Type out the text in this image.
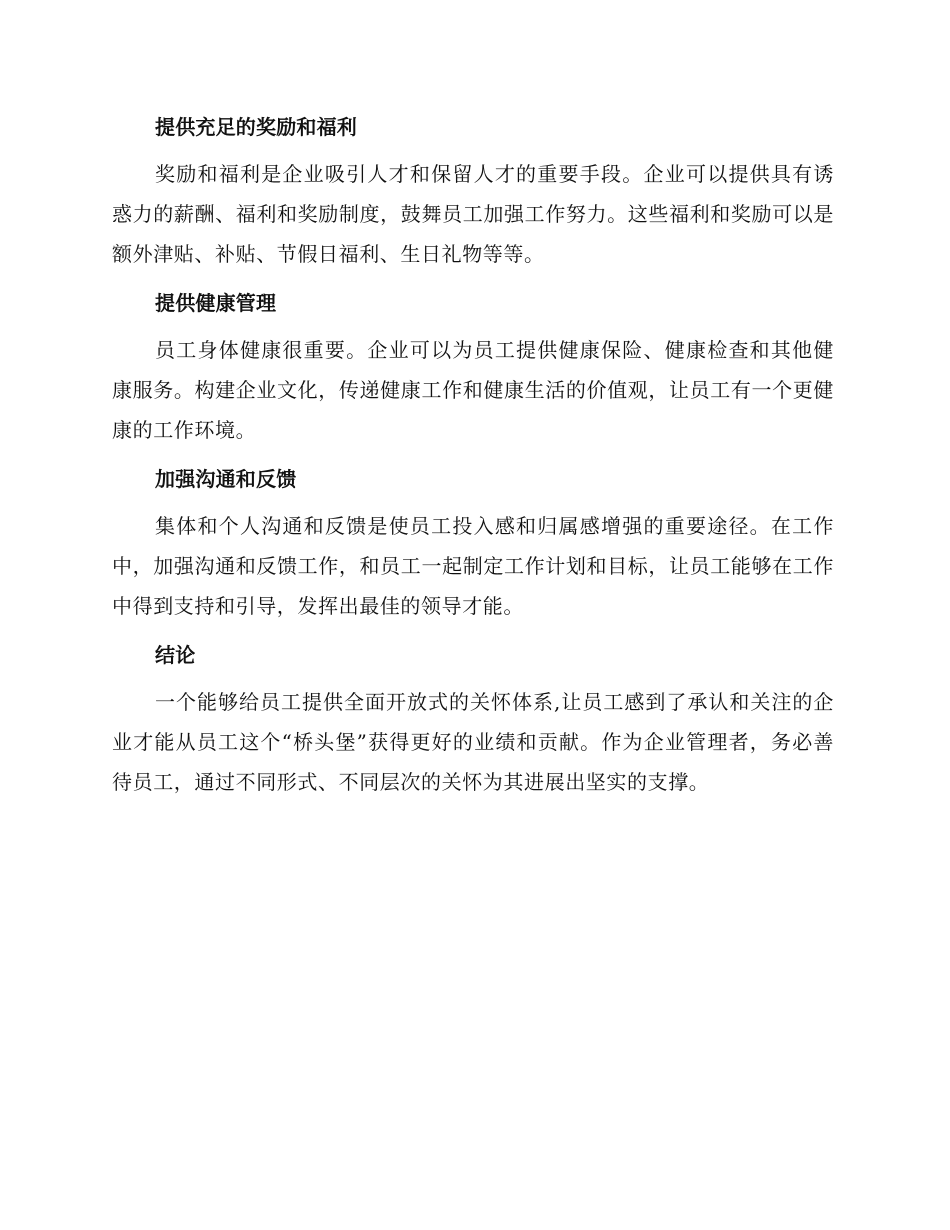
提供充足的奖励和福利

奖励和福利是企业吸引人才和保留人才的重要手段。企业可以提供具有诱惑力的薪酬、福利和奖励制度，鼓舞员工加强工作努力。这些福利和奖励可以是额外津贴、补贴、节假日福利、生日礼物等等。

提供健康管理

员工身体健康很重要。企业可以为员工提供健康保险、健康检查和其他健康服务。构建企业文化，传递健康工作和健康生活的价值观，让员工有一个更健康的工作环境。

加强沟通和反馈

集体和个人沟通和反馈是使员工投入感和归属感增强的重要途径。在工作中，加强沟通和反馈工作，和员工一起制定工作计划和目标，让员工能够在工作中得到支持和引导，发挥出最佳的领导才能。

结论

一个能够给员工提供全面开放式的关怀体系,让员工感到了承认和关注的企业才能从员工这个“桥头堡”获得更好的业绩和贡献。作为企业管理者，务必善待员工，通过不同形式、不同层次的关怀为其进展出坚实的支撑。
